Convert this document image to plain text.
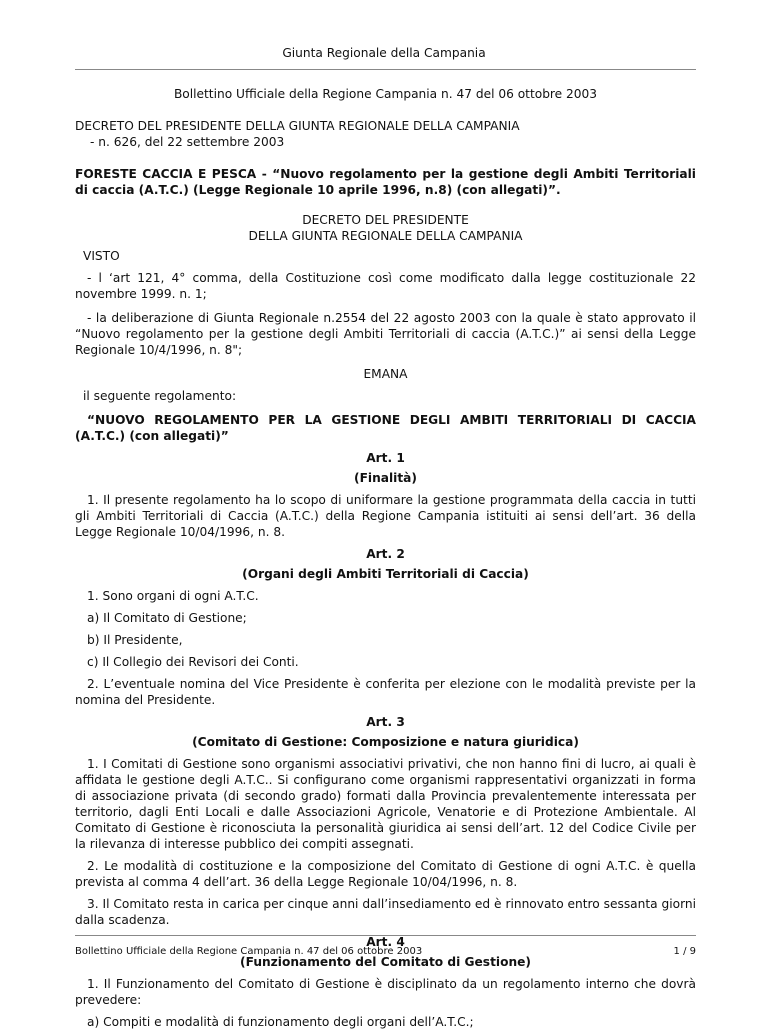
Giunta Regionale della Campania

Bollettino Ufficiale della Regione Campania n. 47 del 06 ottobre 2003

DECRETO DEL PRESIDENTE DELLA GIUNTA REGIONALE DELLA CAMPANIA

- n. 626, del 22 settembre 2003

FORESTE CACCIA E PESCA - “Nuovo regolamento per la gestione degli Ambiti Territoriali di caccia (A.T.C.) (Legge Regionale 10 aprile 1996, n.8) (con allegati)”.

DECRETO DEL PRESIDENTE

DELLA GIUNTA REGIONALE DELLA CAMPANIA

VISTO

- l ‘art 121, 4° comma, della Costituzione così come modificato dalla legge costituzionale 22 novembre 1999. n. 1;

- la deliberazione di Giunta Regionale n.2554 del 22 agosto 2003 con la quale è stato approvato il “Nuovo regolamento per la gestione degli Ambiti Territoriali di caccia (A.T.C.)” ai sensi della Legge Regionale 10/4/1996, n. 8";

EMANA

il seguente regolamento:

“NUOVO REGOLAMENTO PER LA GESTIONE DEGLI AMBITI TERRITORIALI DI CACCIA (A.T.C.) (con allegati)”

Art. 1

(Finalità)

1. Il presente regolamento ha lo scopo di uniformare la gestione programmata della caccia in tutti gli Ambiti Territoriali di Caccia (A.T.C.) della Regione Campania istituiti ai sensi dell’art. 36 della Legge Regionale 10/04/1996, n. 8.

Art. 2

(Organi degli Ambiti Territoriali di Caccia)

1. Sono organi di ogni A.T.C.

a) Il Comitato di Gestione;

b) Il Presidente,

c) Il Collegio dei Revisori dei Conti.

2. L’eventuale nomina del Vice Presidente è conferita per elezione con le modalità previste per la nomina del Presidente.

Art. 3

(Comitato di Gestione: Composizione e natura giuridica)

1. I Comitati di Gestione sono organismi associativi privativi, che non hanno fini di lucro, ai quali è affidata le gestione degli A.T.C.. Si configurano come organismi rappresentativi organizzati in forma di associazione privata (di secondo grado) formati dalla Provincia prevalentemente interessata per territorio, dagli Enti Locali e dalle Associazioni Agricole, Venatorie e di Protezione Ambientale. Al Comitato di Gestione è riconosciuta la personalità giuridica ai sensi dell’art. 12 del Codice Civile per la rilevanza di interesse pubblico dei compiti assegnati.

2. Le modalità di costituzione e la composizione del Comitato di Gestione di ogni A.T.C. è quella prevista al comma 4 dell’art. 36 della Legge Regionale 10/04/1996, n. 8.

3. Il Comitato resta in carica per cinque anni dall’insediamento ed è rinnovato entro sessanta giorni dalla scadenza.

Art. 4

(Funzionamento del Comitato di Gestione)

1. Il Funzionamento del Comitato di Gestione è disciplinato da un regolamento interno che dovrà prevedere:

a) Compiti e modalità di funzionamento degli organi dell’A.T.C.;

Bollettino Ufficiale della Regione Campania n. 47 del 06 ottobre 2003	1 / 9
